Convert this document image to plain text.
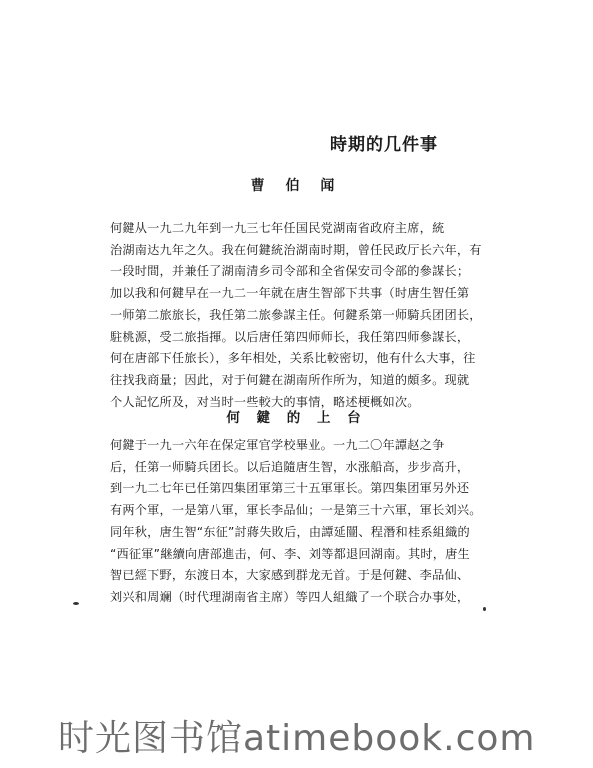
時期的几件事
曹 伯 闻
何鍵从一九二九年到一九三七年任国民党湖南省政府主席，統
治湖南达九年之久。我在何鍵統治湖南时期，曾任民政厅长六年，有
一段时間，并兼任了湖南清乡司令部和全省保安司令部的參謀长；
加以我和何鍵早在一九二一年就在唐生智部下共事（时唐生智任第
一师第二旅旅长，我任第二旅參謀主任。何鍵系第一师騎兵团团长，
駐桃源，受二旅指揮。以后唐任第四师师长，我任第四师參謀长，
何在唐部下任旅长），多年相处，关系比較密切，他有什么大事，往
往找我商量；因此，对于何鍵在湖南所作所为，知道的頗多。现就
个人記忆所及，对当时一些較大的事情，略述梗概如次。
何 鍵 的 上 台
何鍵于一九一六年在保定軍官学校畢业。一九二〇年譚赵之争
后，任第一师騎兵团长。以后追隨唐生智，水涨船高，步步高升，
到一九二七年已任第四集团軍第三十五軍軍长。第四集团軍另外还
有两个軍，一是第八軍，軍长李品仙；一是第三十六軍，軍长刘兴。
同年秋，唐生智“东征”討蔣失敗后，由譚延闓、程潛和桂系組織的
“西征軍”継續向唐部進击，何、李、刘等都退回湖南。其时，唐生
智已經下野，东渡日本，大家感到群龙无首。于是何鍵、李品仙、
刘兴和周斓（时代理湖南省主席）等四人組織了一个联合办事处，
时光图书馆atimebook.com
